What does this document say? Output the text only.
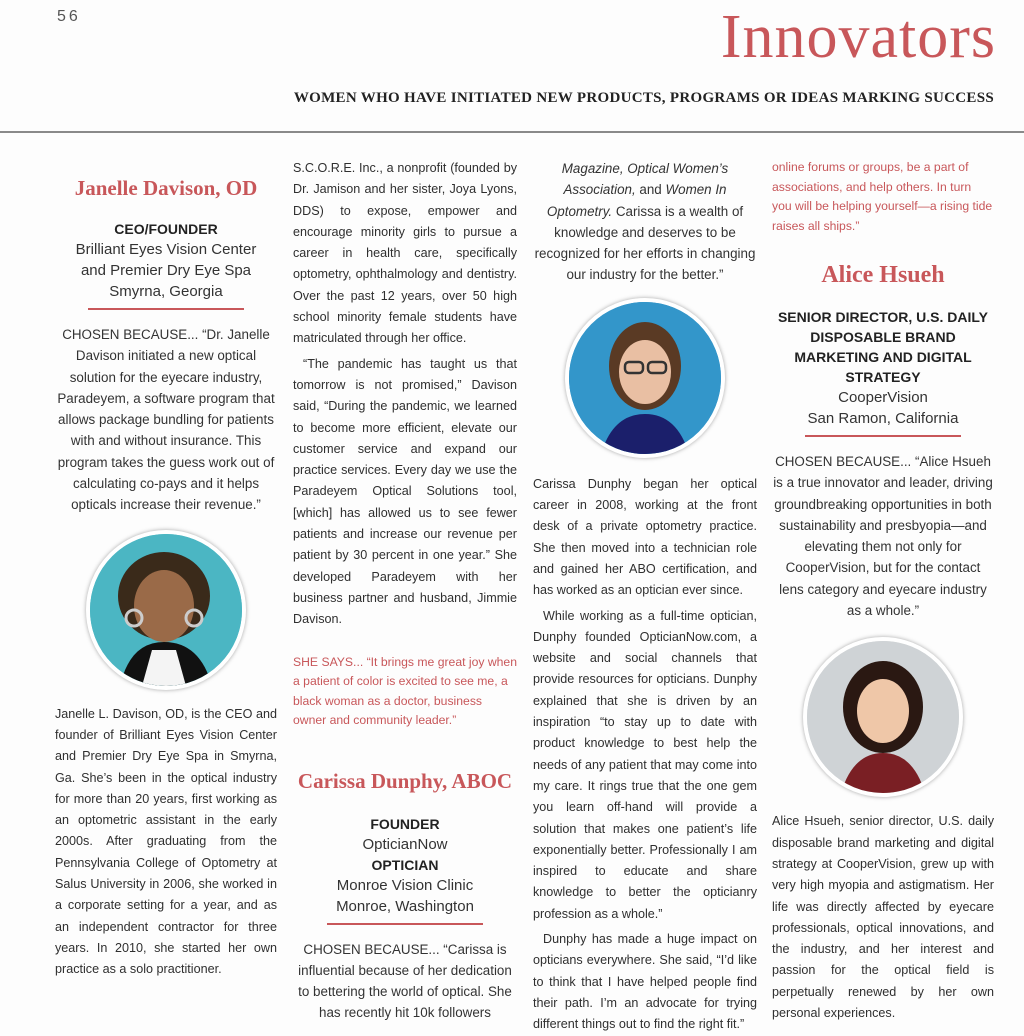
56	Innovators
WOMEN WHO HAVE INITIATED NEW PRODUCTS, PROGRAMS OR IDEAS MARKING SUCCESS
Janelle Davison, OD
CEO/FOUNDER
Brilliant Eyes Vision Center
and Premier Dry Eye Spa
Smyrna, Georgia

CHOSEN BECAUSE... “Dr. Janelle Davison initiated a new optical solution for the eyecare industry, Paradeyem, a software program that allows package bundling for patients with and without insurance. This program takes the guess work out of calculating co-pays and it helps opticals increase their revenue.”

Janelle L. Davison, OD, is the CEO and founder of Brilliant Eyes Vision Center and Premier Dry Eye Spa in Smyrna, Ga. She’s been in the optical industry for more than 20 years, first working as an optometric assistant in the early 2000s. After graduating from the Pennsylvania College of Optometry at Salus University in 2006, she worked in a corporate setting for a year, and as an independent contractor for three years. In 2010, she started her own practice as a solo practitioner.

S.C.O.R.E. Inc., a nonprofit (founded by Dr. Jamison and her sister, Joya Lyons, DDS) to expose, empower and encourage minority girls to pursue a career in health care, specifically optometry, ophthalmology and dentistry. Over the past 12 years, over 50 high school minority female students have matriculated through her office.

“The pandemic has taught us that tomorrow is not promised,” Davison said, “During the pandemic, we learned to become more efficient, elevate our customer service and expand our practice services. Every day we use the Paradeyem Optical Solutions tool, [which] has allowed us to see fewer patients and increase our revenue per patient by 30 percent in one year.” She developed Paradeyem with her business partner and husband, Jimmie Davison.

SHE SAYS... “It brings me great joy when a patient of color is excited to see me, a black woman as a doctor, business owner and community leader.”

Carissa Dunphy, ABOC
FOUNDER
OpticianNow
OPTICIAN
Monroe Vision Clinic
Monroe, Washington

CHOSEN BECAUSE... “Carissa is influential because of her dedication to bettering the world of optical. She has recently hit 10k followers

Magazine, Optical Women’s Association, and Women In Optometry. Carissa is a wealth of knowledge and deserves to be recognized for her efforts in changing our industry for the better.”

Carissa Dunphy began her optical career in 2008, working at the front desk of a private optometry practice. She then moved into a technician role and gained her ABO certification, and has worked as an optician ever since.

While working as a full-time optician, Dunphy founded OpticianNow.com, a website and social channels that provide resources for opticians. Dunphy explained that she is driven by an inspiration “to stay up to date with product knowledge to best help the needs of any patient that may come into my care. It rings true that the one gem you learn off-hand will provide a solution that makes one patient’s life exponentially better. Professionally I am inspired to educate and share knowledge to better the opticianry profession as a whole.”

Dunphy has made a huge impact on opticians everywhere. She said, “I’d like to think that I have helped people find their path. I’m an advocate for trying different things out to find the right fit.”

online forums or groups, be a part of associations, and help others. In turn you will be helping yourself—a rising tide raises all ships.”

Alice Hsueh
SENIOR DIRECTOR, U.S. DAILY DISPOSABLE BRAND MARKETING AND DIGITAL STRATEGY
CooperVision
San Ramon, California

CHOSEN BECAUSE... “Alice Hsueh is a true innovator and leader, driving groundbreaking opportunities in both sustainability and presbyopia—and elevating them not only for CooperVision, but for the contact lens category and eyecare industry as a whole.”

Alice Hsueh, senior director, U.S. daily disposable brand marketing and digital strategy at CooperVision, grew up with very high myopia and astigmatism. Her life was directly affected by eyecare professionals, optical innovations, and the industry, and her interest and passion for the optical field is perpetually renewed by her own personal experiences.
